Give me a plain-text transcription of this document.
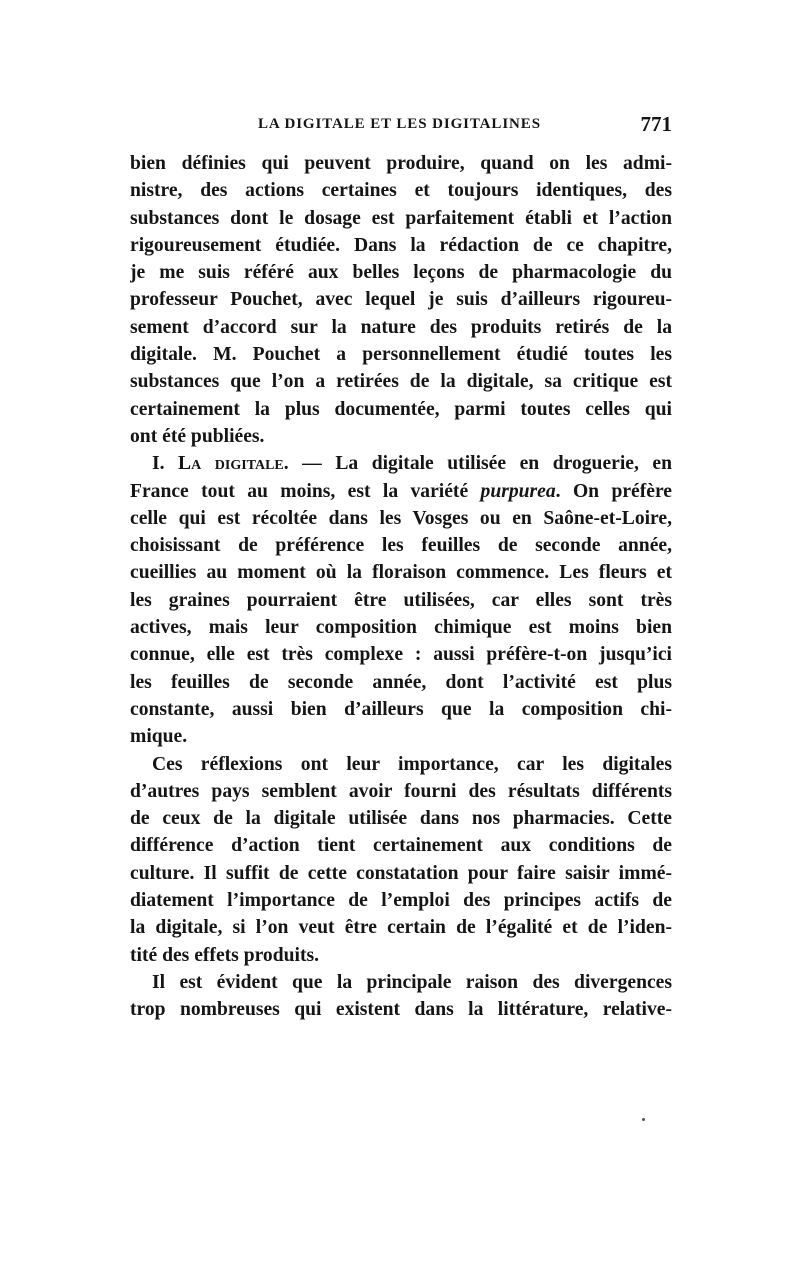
LA DIGITALE ET LES DIGITALINES	771

bien définies qui peuvent produire, quand on les admi-
nistre, des actions certaines et toujours identiques, des
substances dont le dosage est parfaitement établi et l’action
rigoureusement étudiée. Dans la rédaction de ce chapitre,
je me suis référé aux belles leçons de pharmacologie du
professeur Pouchet, avec lequel je suis d’ailleurs rigoureu-
sement d’accord sur la nature des produits retirés de la
digitale. M. Pouchet a personnellement étudié toutes les
substances que l’on a retirées de la digitale, sa critique est
certainement la plus documentée, parmi toutes celles qui
ont été publiées.

I. La digitale. — La digitale utilisée en droguerie, en
France tout au moins, est la variété purpurea. On préfère
celle qui est récoltée dans les Vosges ou en Saône-et-Loire,
choisissant de préférence les feuilles de seconde année,
cueillies au moment où la floraison commence. Les fleurs et
les graines pourraient être utilisées, car elles sont très
actives, mais leur composition chimique est moins bien
connue, elle est très complexe : aussi préfère-t-on jusqu’ici
les feuilles de seconde année, dont l’activité est plus
constante, aussi bien d’ailleurs que la composition chi-
mique.

Ces réflexions ont leur importance, car les digitales
d’autres pays semblent avoir fourni des résultats différents
de ceux de la digitale utilisée dans nos pharmacies. Cette
différence d’action tient certainement aux conditions de
culture. Il suffit de cette constatation pour faire saisir immé-
diatement l’importance de l’emploi des principes actifs de
la digitale, si l’on veut être certain de l’égalité et de l’iden-
tité des effets produits.

Il est évident que la principale raison des divergences
trop nombreuses qui existent dans la littérature, relative-
